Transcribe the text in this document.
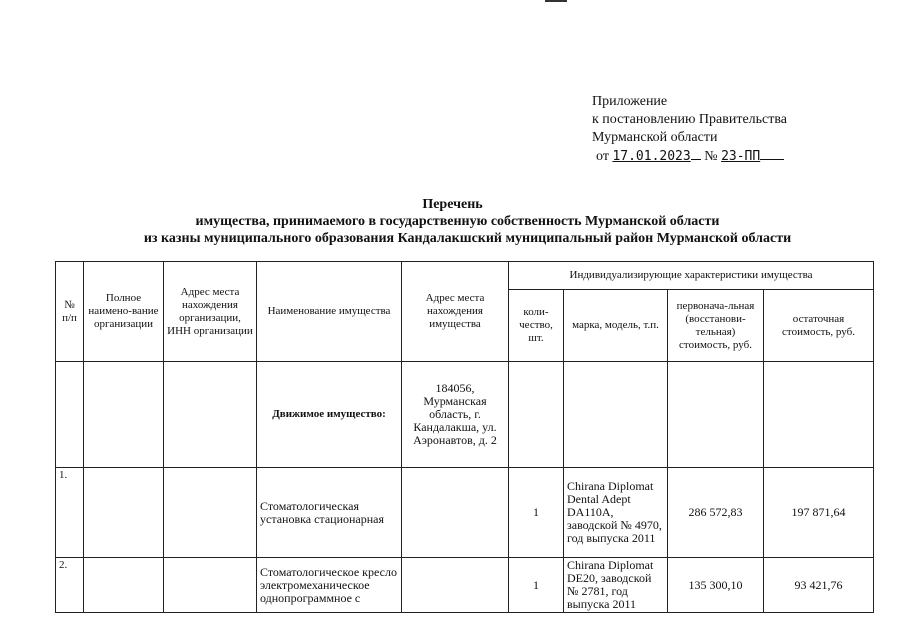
Приложение
к постановлению Правительства
Мурманской области
от 17.01.2023 № 23-ПП
Перечень
имущества, принимаемого в государственную собственность Мурманской области
из казны муниципального образования Кандалакшский муниципальный район Мурманской области
№ п/п	Полное наимено-вание организации	Адрес места нахождения организации, ИНН организации	Наименование имущества	Адрес места нахождения имущества	Индивидуализирующие характеристики имущества			
					коли-чество, шт.	марка, модель, т.п.	первонача-льная (восстанови-тельная) стоимость, руб.	остаточная стоимость, руб.
			Движимое имущество:	184056, Мурманская область, г. Кандалакша, ул. Аэронавтов, д. 2				
1.			Стоматологическая установка стационарная		1	Chirana Diplomat Dental Adept DA110A, заводской № 4970, год выпуска 2011	286 572,83	197 871,64
2.			Стоматологическое кресло электромеханическое однопрограммное с		1	Chirana Diplomat DE20, заводской № 2781, год выпуска 2011	135 300,10	93 421,76
